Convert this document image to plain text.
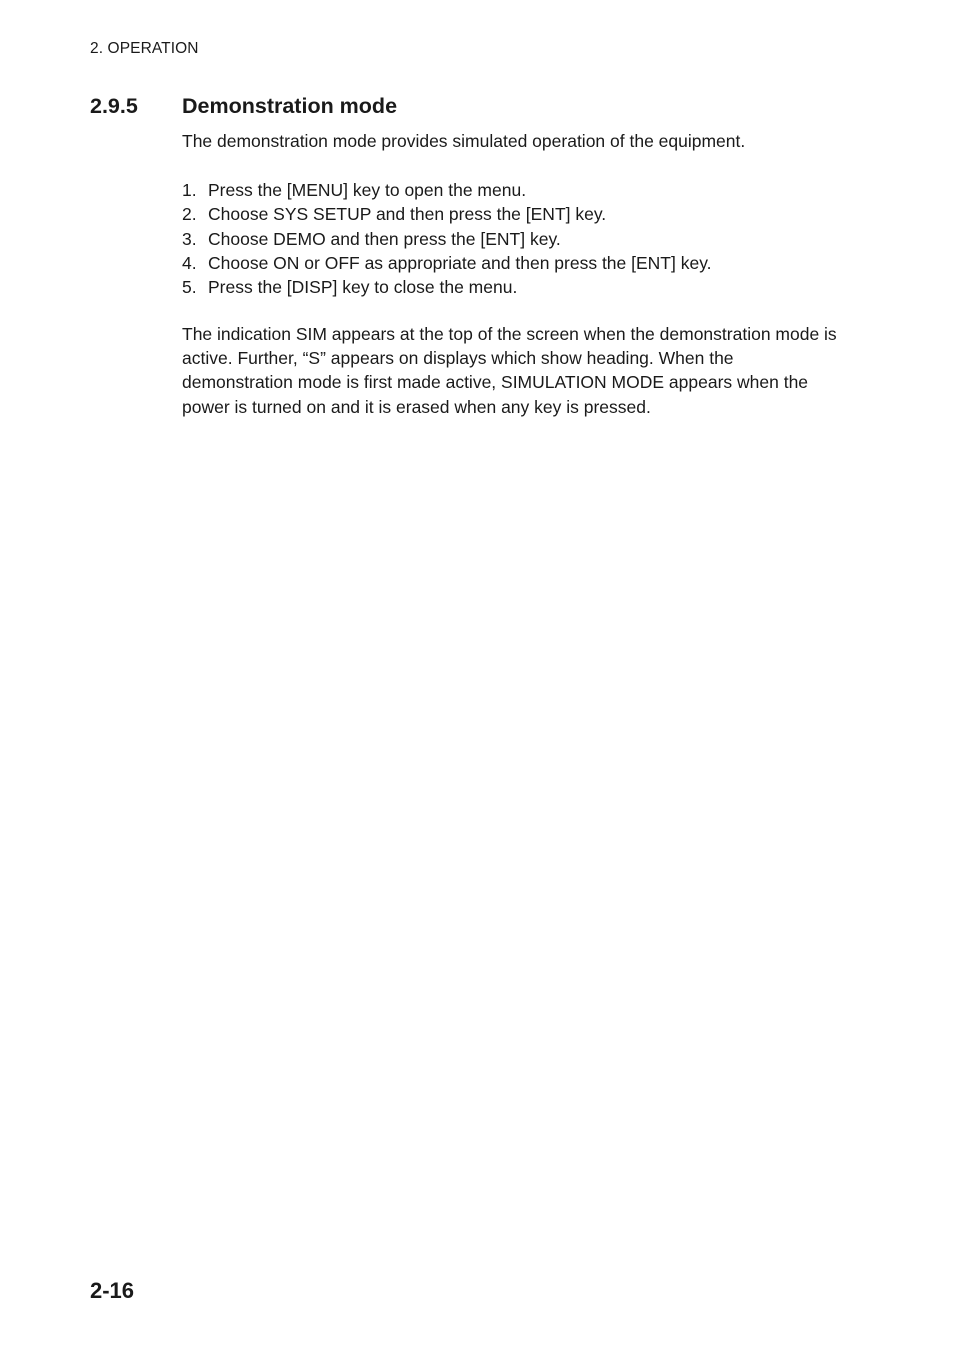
2. OPERATION
2.9.5 Demonstration mode
The demonstration mode provides simulated operation of the equipment.
1. Press the [MENU] key to open the menu.
2. Choose SYS SETUP and then press the [ENT] key.
3. Choose DEMO and then press the [ENT] key.
4. Choose ON or OFF as appropriate and then press the [ENT] key.
5. Press the [DISP] key to close the menu.

The indication SIM appears at the top of the screen when the demonstration mode is active. Further, “S” appears on displays which show heading. When the demonstration mode is first made active, SIMULATION MODE appears when the power is turned on and it is erased when any key is pressed.

2-16
